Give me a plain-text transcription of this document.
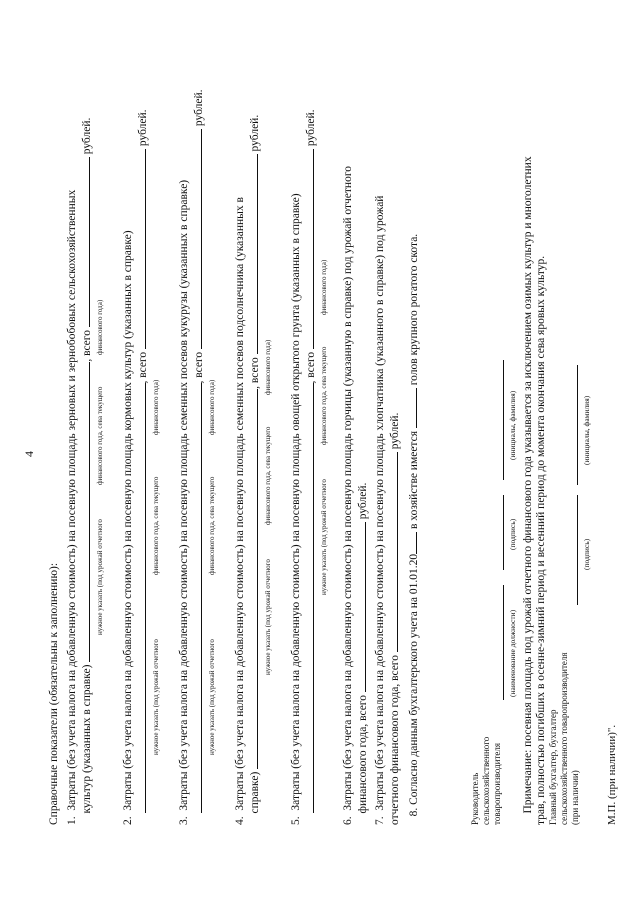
4
Справочные показатели (обязательны к заполнению): 1.  Затраты (без учета налога на добавленную стоимость) на посевную площадь зерновых и зернобобовых сельскохозяйственных культур (указанных в справке) , всего  рублей.

нужное указать (под урожай отчетного
финансового года, сева текущего
финансового года)

2.  Затраты (без учета налога на добавленную стоимость) на посевную площадь кормовых культур (указанных в справке) , всего  рублей.

нужное указать (под урожай отчетного
финансового года, сева текущего
финансового года)

3.  Затраты (без учета налога на добавленную стоимость) на посевную площадь семенных посевов кукурузы (указанных в справке) , всего  рублей.

нужное указать (под урожай отчетного
финансового года, сева текущего
финансового года)

4.  Затраты (без учета налога на добавленную стоимость) на посевную площадь семенных посевов подсолнечника (указанных в справке) , всего  рублей.

нужное указать (под урожай отчетного
финансового года, сева текущего
финансового года)

5.  Затраты (без учета налога на добавленную стоимость) на посевную площадь овощей открытого грунта (указанных в справке) , всего  рублей.

нужное указать (под урожай отчетного
финансового года, сева текущего
финансового года)

6.  Затраты (без учета налога на добавленную стоимость) на посевную площадь горчицы (указанную в справке) под урожай отчетного финансового года, всего  рублей.

7.  Затраты (без учета налога на добавленную стоимость) на посевную площадь хлопчатника (указанного в справке) под урожай отчетного финансового года, всего  рублей.

8. Согласно данным бухгалтерского учета на 01.01.20 в хозяйстве имеется  голов крупного рогатого скота.	Примечание: посевная площадь под урожай отчетного финансового года указывается за исключением озимых культур и многолетних трав, полностью погибших в осенне-зимний период и весенний период до момента окончания сева яровых культур.

Руководитель сельскохозяйственного товаропроизводителя
(наименование должности)
(подпись)
(инициалы, фамилия)
Главный бухгалтер, бухгалтер сельскохозяйственного товаропроизводителя (при наличии)
(подпись)
(инициалы, фамилия)
М.П. (при наличии)".
